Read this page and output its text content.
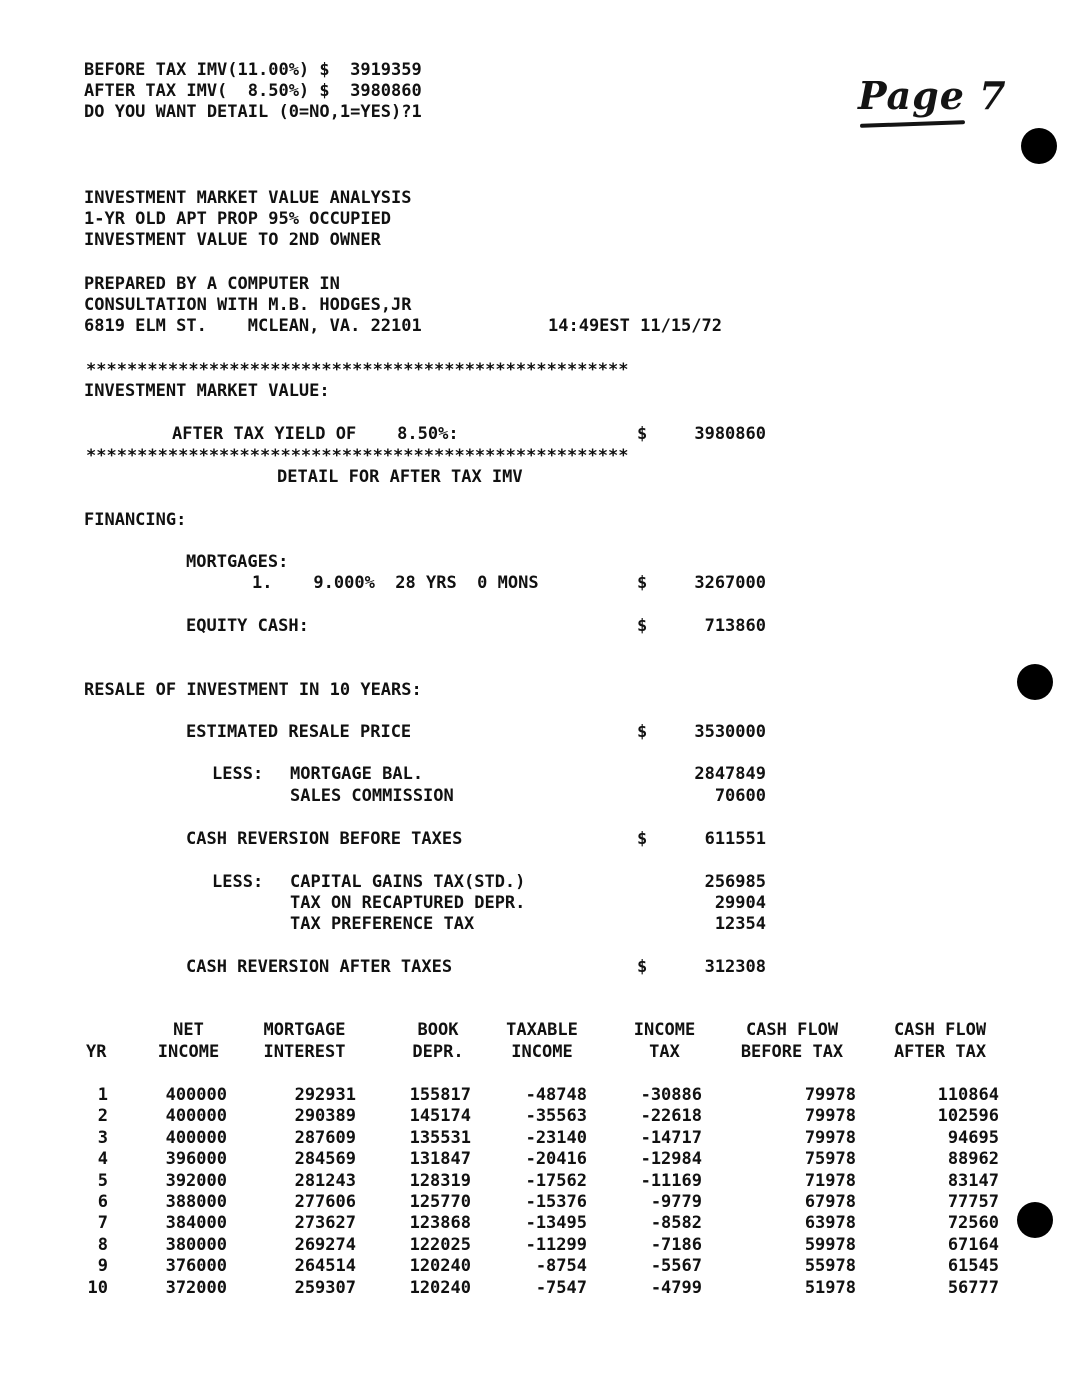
BEFORE TAX IMV(11.00%) $  3919359
AFTER TAX IMV(  8.50%) $  3980860
DO YOU WANT DETAIL (0=NO,1=YES)?1	Page 7
INVESTMENT MARKET VALUE ANALYSIS
1-YR OLD APT PROP 95% OCCUPIED
INVESTMENT VALUE TO 2ND OWNER
PREPARED BY A COMPUTER IN
CONSULTATION WITH M.B. HODGES,JR
6819 ELM ST.    MCLEAN, VA. 22101	14:49EST 11/15/72
*****************************************************
INVESTMENT MARKET VALUE:
AFTER TAX YIELD OF    8.50%:	$	3980860
*****************************************************
DETAIL FOR AFTER TAX IMV
FINANCING:
MORTGAGES:
1.    9.000%  28 YRS  0 MONS	$	3267000
EQUITY CASH:	$	713860
RESALE OF INVESTMENT IN 10 YEARS:
ESTIMATED RESALE PRICE	$	3530000
LESS: MORTGAGE BAL.	2847849
SALES COMMISSION	70600
CASH REVERSION BEFORE TAXES	$	611551
LESS: CAPITAL GAINS TAX(STD.)	256985
TAX ON RECAPTURED DEPR.	29904
TAX PREFERENCE TAX	12354
CASH REVERSION AFTER TAXES	$	312308
NET	MORTGAGE	BOOK	TAXABLE	INCOME	CASH FLOW	CASH FLOW
YR	INCOME	INTEREST	DEPR.	INCOME	TAX	BEFORE TAX	AFTER TAX
1	400000	292931	155817	-48748	-30886	79978	110864
2	400000	290389	145174	-35563	-22618	79978	102596
3	400000	287609	135531	-23140	-14717	79978	94695
4	396000	284569	131847	-20416	-12984	75978	88962
5	392000	281243	128319	-17562	-11169	71978	83147
6	388000	277606	125770	-15376	-9779	67978	77757
7	384000	273627	123868	-13495	-8582	63978	72560
8	380000	269274	122025	-11299	-7186	59978	67164
9	376000	264514	120240	-8754	-5567	55978	61545
10	372000	259307	120240	-7547	-4799	51978	56777
